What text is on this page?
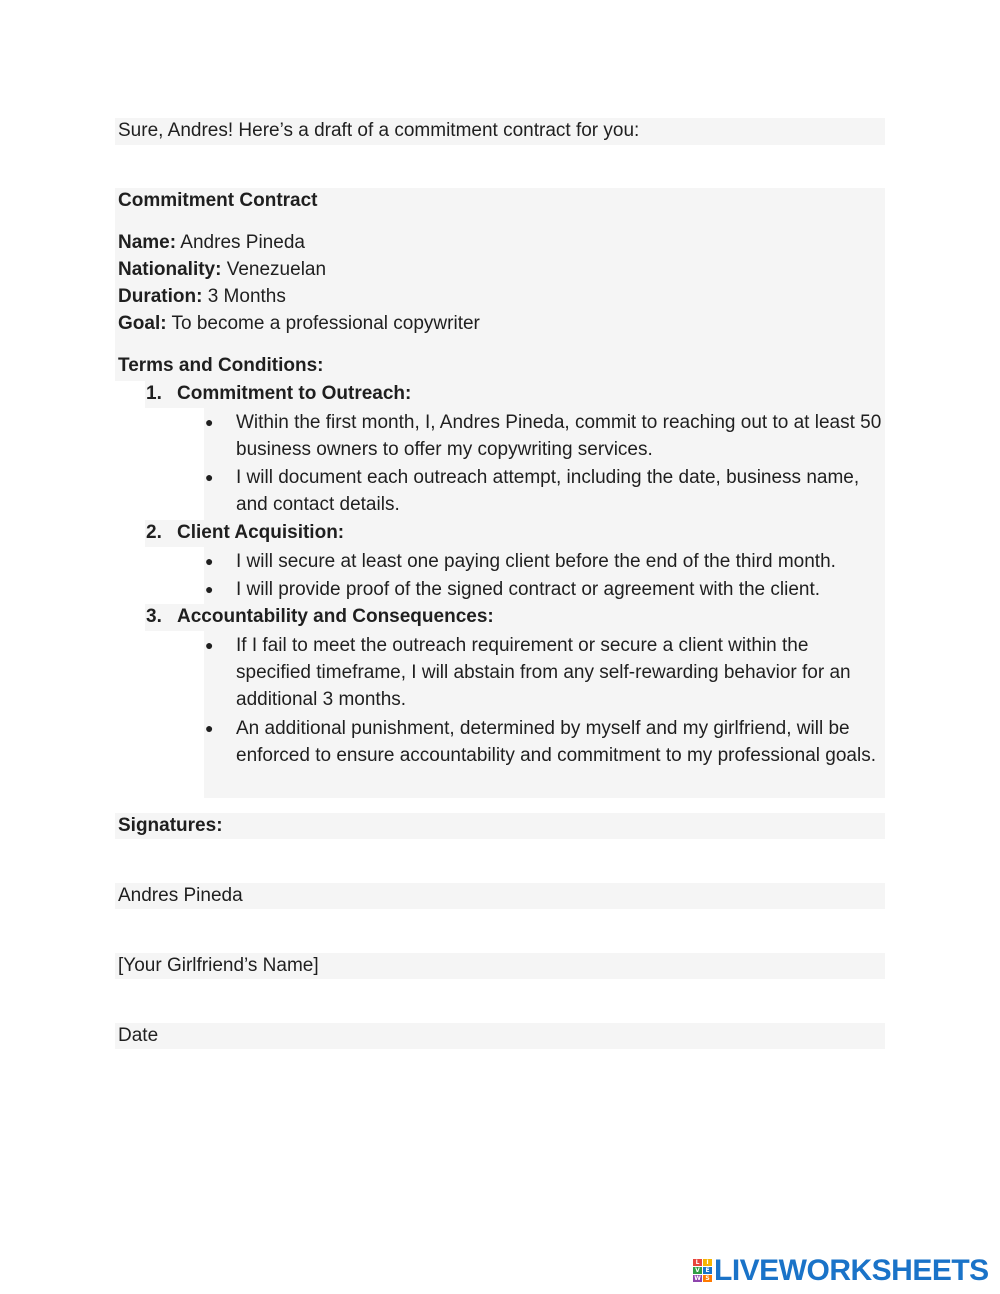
Sure, Andres! Here’s a draft of a commitment contract for you:
Commitment Contract
Name: Andres Pineda
Nationality: Venezuelan
Duration: 3 Months
Goal: To become a professional copywriter
Terms and Conditions:
1. Commitment to Outreach:
● Within the first month, I, Andres Pineda, commit to reaching out to at least 50 business owners to offer my copywriting services.
● I will document each outreach attempt, including the date, business name, and contact details.
2. Client Acquisition:
● I will secure at least one paying client before the end of the third month.
● I will provide proof of the signed contract or agreement with the client.
3. Accountability and Consequences:
● If I fail to meet the outreach requirement or secure a client within the specified timeframe, I will abstain from any self-rewarding behavior for an additional 3 months.
● An additional punishment, determined by myself and my girlfriend, will be enforced to ensure accountability and commitment to my professional goals.
Signatures:
Andres Pineda
[Your Girlfriend’s Name]
Date
L	I
V E
W S LIVEWORKSHEETS
